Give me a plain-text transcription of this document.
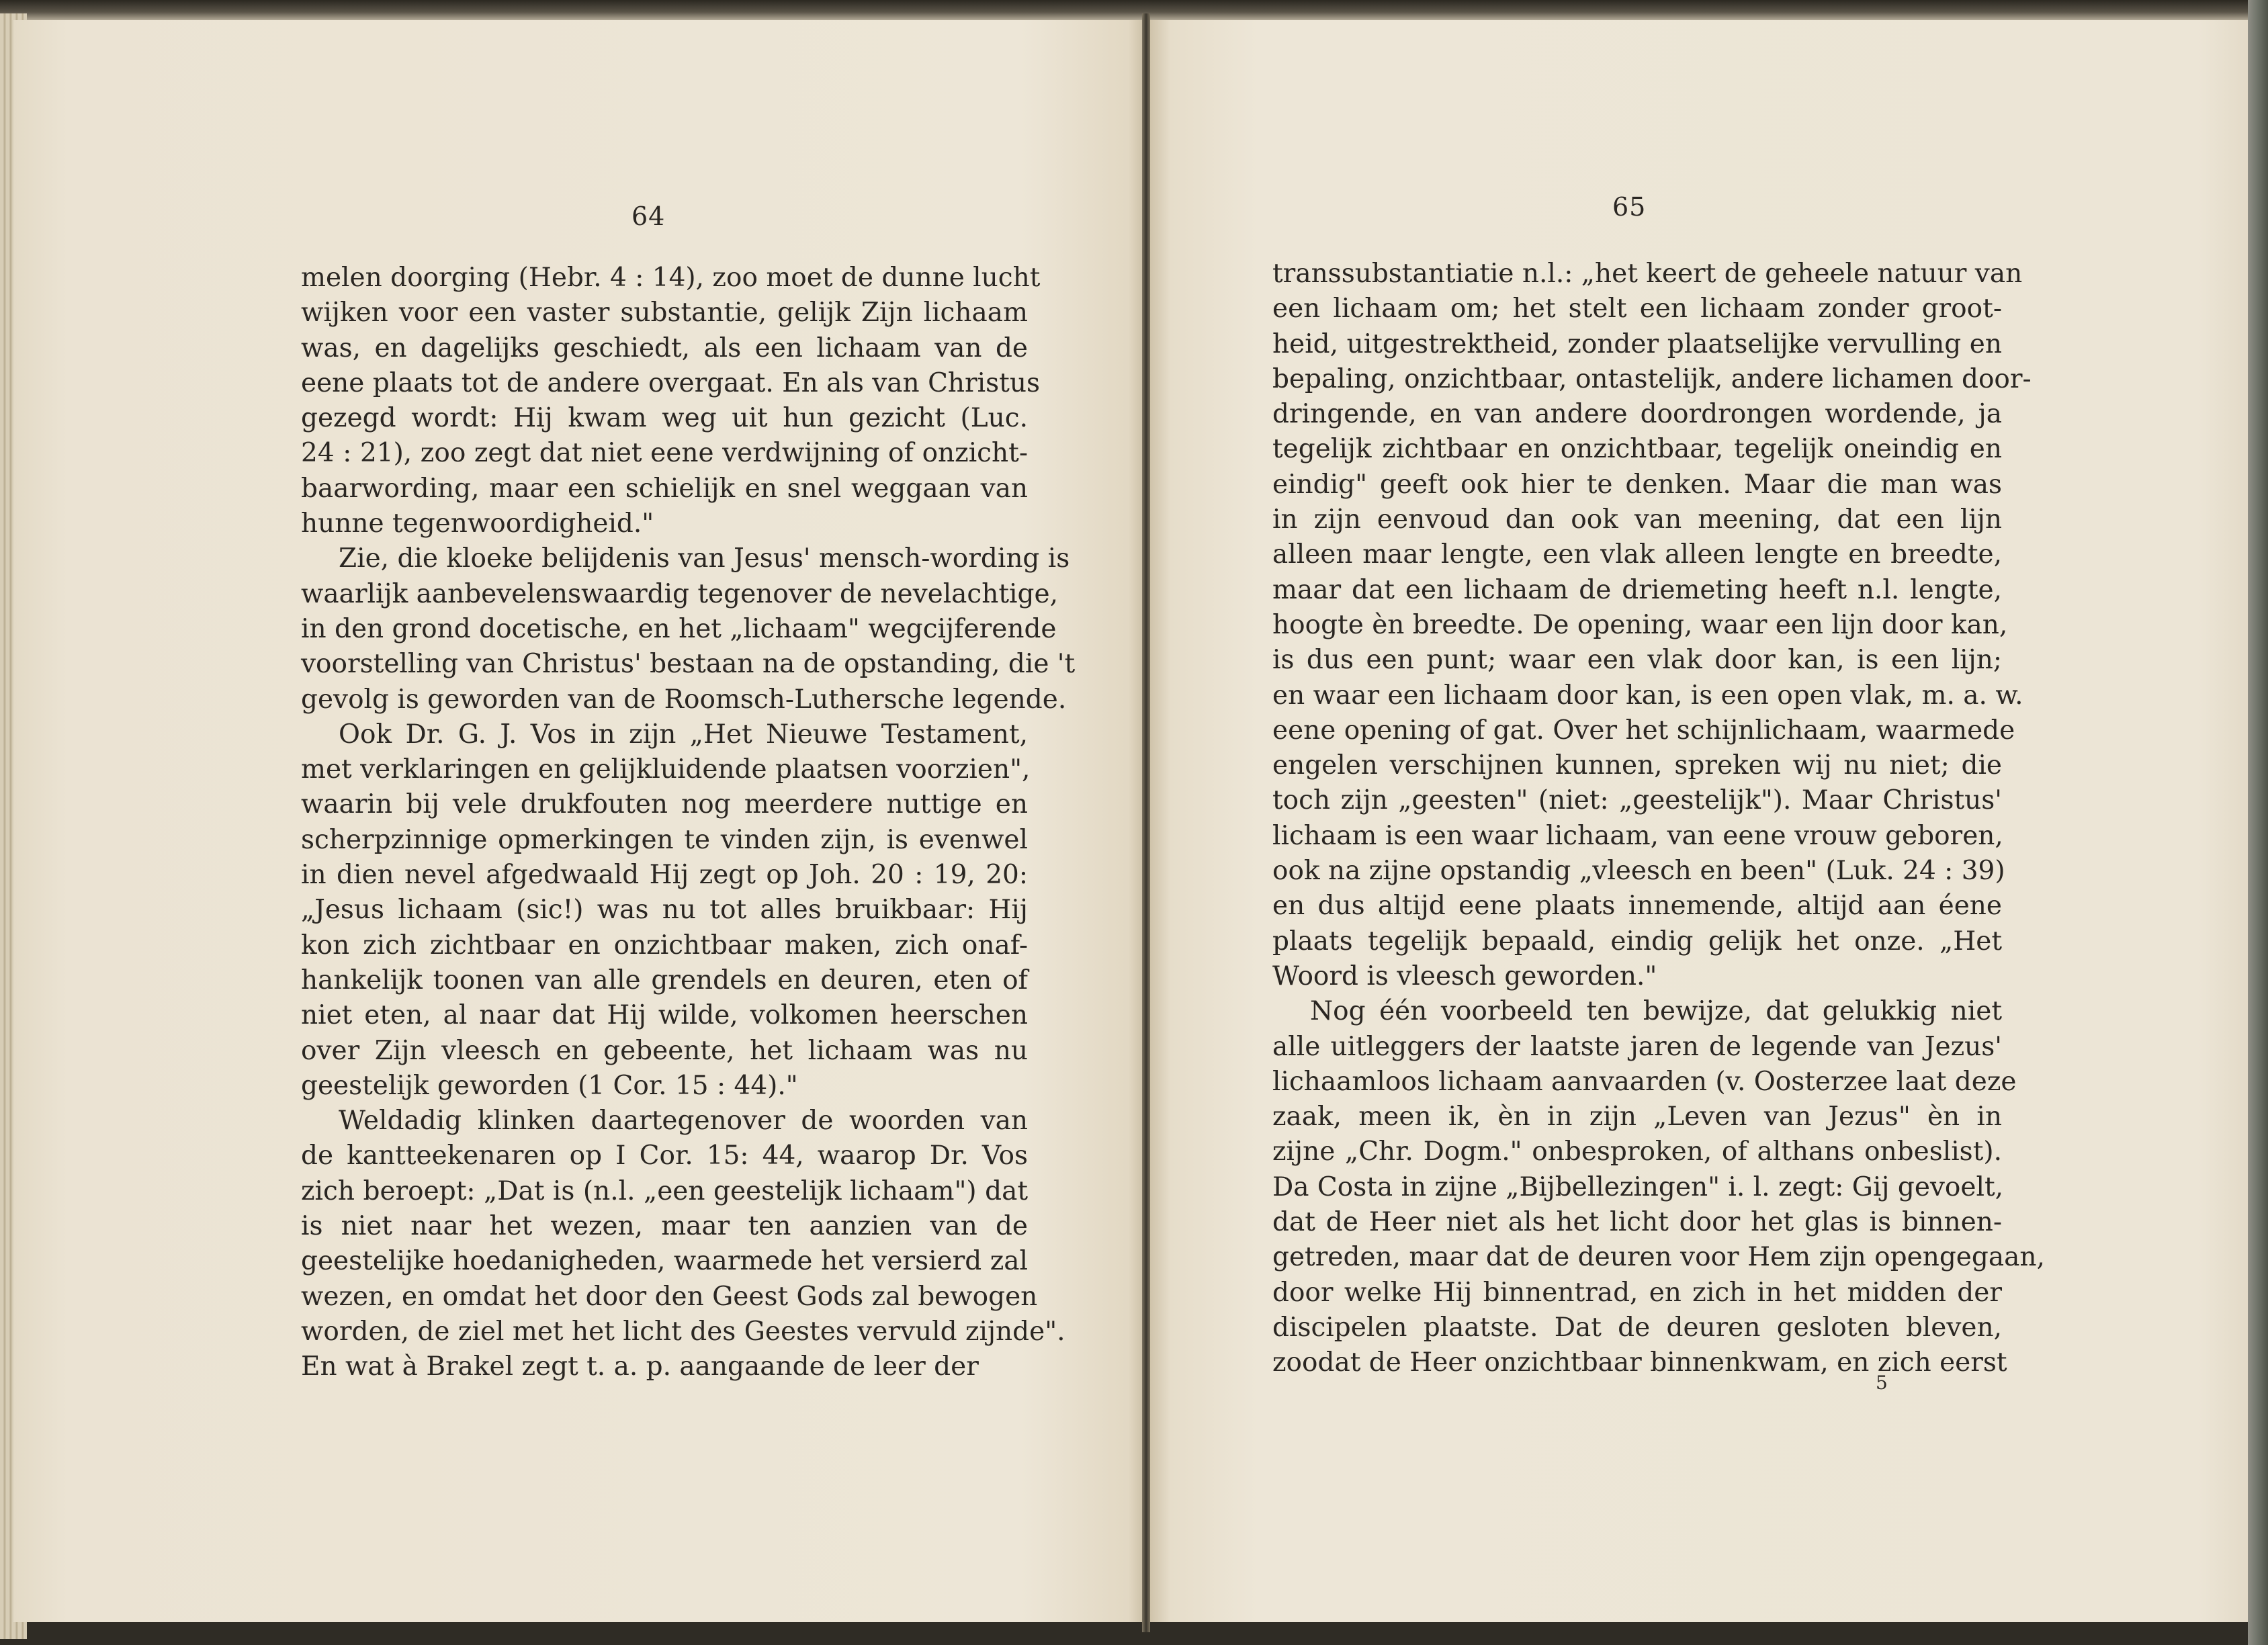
64
melen doorging (Hebr. 4 : 14), zoo moet de dunne lucht
wijken voor een vaster substantie, gelijk Zijn lichaam
was, en dagelijks geschiedt, als een lichaam van de
eene plaats tot de andere overgaat. En als van Christus
gezegd wordt: Hij kwam weg uit hun gezicht (Luc.
24 : 21), zoo zegt dat niet eene verdwijning of onzicht-
baarwording, maar een schielijk en snel weggaan van
hunne tegenwoordigheid."
Zie, die kloeke belijdenis van Jesus' mensch-wording is
waarlijk aanbevelenswaardig tegenover de nevelachtige,
in den grond docetische, en het „lichaam" wegcijferende
voorstelling van Christus' bestaan na de opstanding, die 't
gevolg is geworden van de Roomsch-Luthersche legende.
Ook Dr. G. J. Vos in zijn „Het Nieuwe Testament,
met verklaringen en gelijkluidende plaatsen voorzien",
waarin bij vele drukfouten nog meerdere nuttige en
scherpzinnige opmerkingen te vinden zijn, is evenwel
in dien nevel afgedwaald Hij zegt op Joh. 20 : 19, 20:
„Jesus lichaam (sic!) was nu tot alles bruikbaar: Hij
kon zich zichtbaar en onzichtbaar maken, zich onaf-
hankelijk toonen van alle grendels en deuren, eten of
niet eten, al naar dat Hij wilde, volkomen heerschen
over Zijn vleesch en gebeente, het lichaam was nu
geestelijk geworden (1 Cor. 15 : 44)."
Weldadig klinken daartegenover de woorden van
de kantteekenaren op I Cor. 15: 44, waarop Dr. Vos
zich beroept: „Dat is (n.l. „een geestelijk lichaam") dat
is niet naar het wezen, maar ten aanzien van de
geestelijke hoedanigheden, waarmede het versierd zal
wezen, en omdat het door den Geest Gods zal bewogen
worden, de ziel met het licht des Geestes vervuld zijnde".
En wat à Brakel zegt t. a. p. aangaande de leer der
65
transsubstantiatie n.l.: „het keert de geheele natuur van
een lichaam om; het stelt een lichaam zonder groot-
heid, uitgestrektheid, zonder plaatselijke vervulling en
bepaling, onzichtbaar, ontastelijk, andere lichamen door-
dringende, en van andere doordrongen wordende, ja
tegelijk zichtbaar en onzichtbaar, tegelijk oneindig en
eindig" geeft ook hier te denken. Maar die man was
in zijn eenvoud dan ook van meening, dat een lijn
alleen maar lengte, een vlak alleen lengte en breedte,
maar dat een lichaam de driemeting heeft n.l. lengte,
hoogte èn breedte. De opening, waar een lijn door kan,
is dus een punt; waar een vlak door kan, is een lijn;
en waar een lichaam door kan, is een open vlak, m. a. w.
eene opening of gat. Over het schijnlichaam, waarmede
engelen verschijnen kunnen, spreken wij nu niet; die
toch zijn „geesten" (niet: „geestelijk"). Maar Christus'
lichaam is een waar lichaam, van eene vrouw geboren,
ook na zijne opstandig „vleesch en been" (Luk. 24 : 39)
en dus altijd eene plaats innemende, altijd aan éene
plaats tegelijk bepaald, eindig gelijk het onze. „Het
Woord is vleesch geworden."
Nog één voorbeeld ten bewijze, dat gelukkig niet
alle uitleggers der laatste jaren de legende van Jezus'
lichaamloos lichaam aanvaarden (v. Oosterzee laat deze
zaak, meen ik, èn in zijn „Leven van Jezus" èn in
zijne „Chr. Dogm." onbesproken, of althans onbeslist).
Da Costa in zijne „Bijbellezingen" i. l. zegt: Gij gevoelt,
dat de Heer niet als het licht door het glas is binnen-
getreden, maar dat de deuren voor Hem zijn opengegaan,
door welke Hij binnentrad, en zich in het midden der
discipelen plaatste. Dat de deuren gesloten bleven,
zoodat de Heer onzichtbaar binnenkwam, en zich eerst
5
